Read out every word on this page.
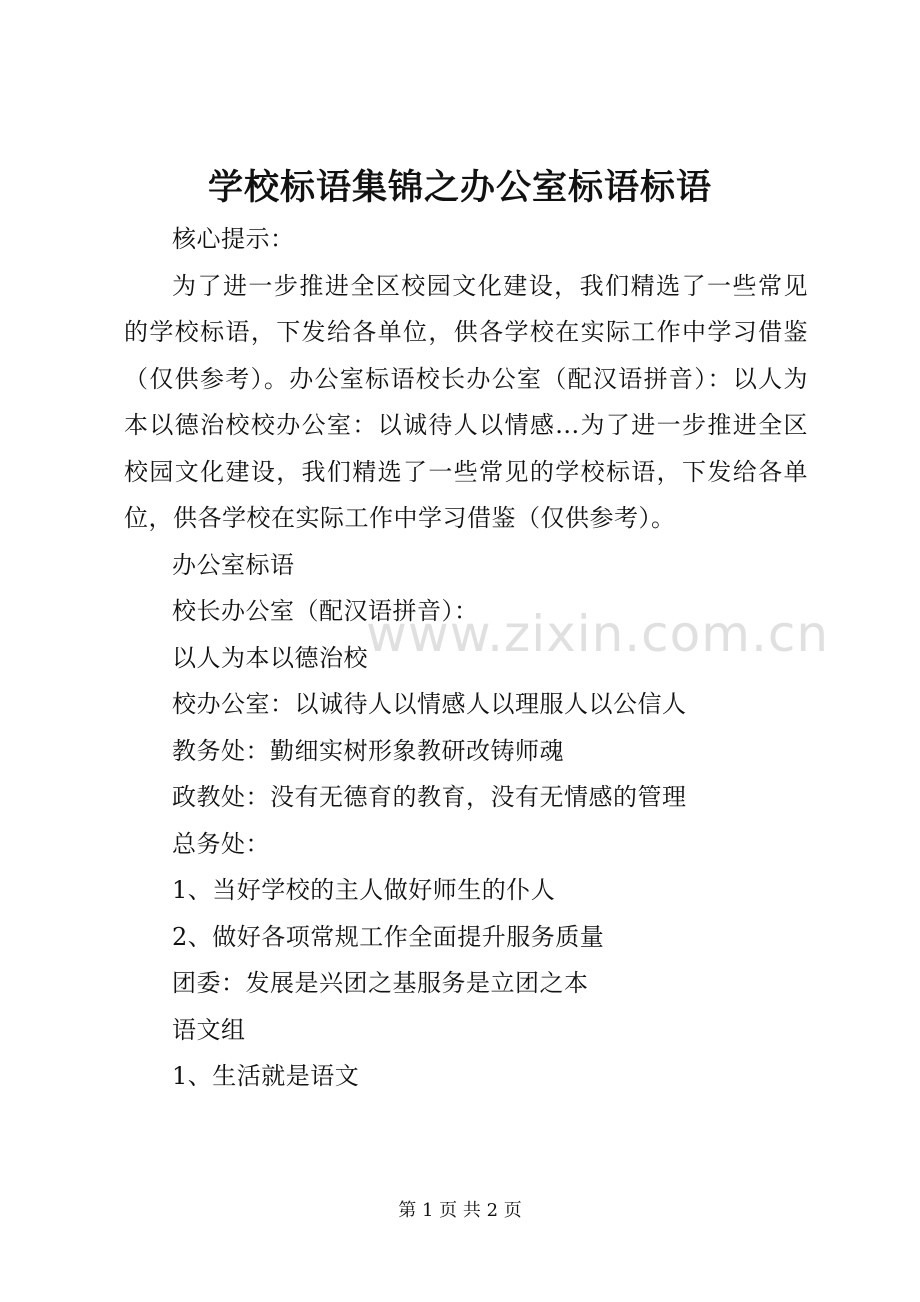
学校标语集锦之办公室标语标语

核心提示：

为了进一步推进全区校园文化建设，我们精选了一些常见的学校标语，下发给各单位，供各学校在实际工作中学习借鉴（仅供参考）。办公室标语校长办公室（配汉语拼音）：以人为本以德治校校办公室：以诚待人以情感...为了进一步推进全区校园文化建设，我们精选了一些常见的学校标语，下发给各单位，供各学校在实际工作中学习借鉴（仅供参考）。

办公室标语

校长办公室（配汉语拼音）：

以人为本以德治校

校办公室：以诚待人以情感人以理服人以公信人

教务处：勤细实树形象教研改铸师魂

政教处：没有无德育的教育，没有无情感的管理

总务处：

1、当好学校的主人做好师生的仆人

2、做好各项常规工作全面提升服务质量

团委：发展是兴团之基服务是立团之本

语文组

1、生活就是语文

www.zixin.com.cn
第 1 页 共 2 页
